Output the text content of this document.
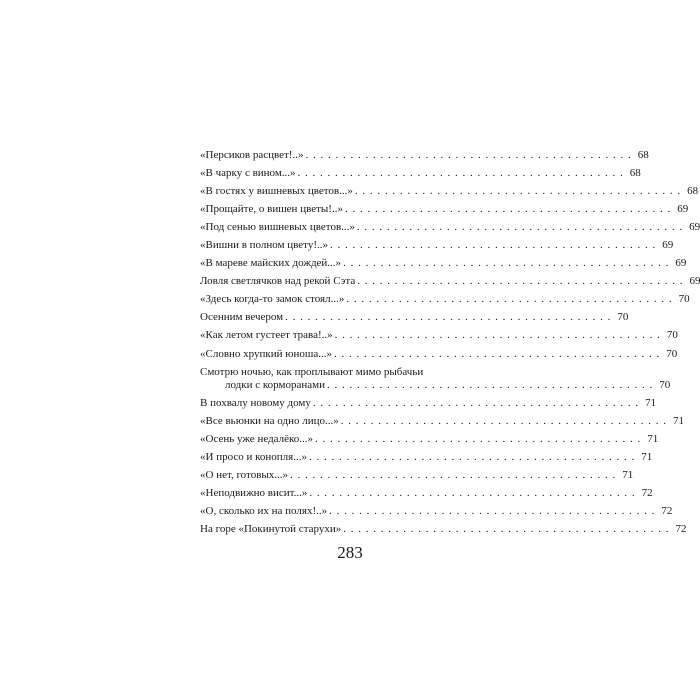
«Персиков расцвет!..» . . . . . . . . . . . . . . . . . . . . . . . . . . . . . . . . . . . . . . . . . . . . 68
«В чарку с вином...» . . . . . . . . . . . . . . . . . . . . . . . . . . . . . . . . . . . . . . . . . . . . 68
«В гостях у вишневых цветов...» . . . . . . . . . . . . . . . . . . . . . . . . . . . . . . . . . . . . . . . . . . . . 68
«Прощайте, о вишен цветы!..» . . . . . . . . . . . . . . . . . . . . . . . . . . . . . . . . . . . . . . . . . . . . 69
«Под сенью вишневых цветов...» . . . . . . . . . . . . . . . . . . . . . . . . . . . . . . . . . . . . . . . . . . . . 69
«Вишни в полном цвету!..» . . . . . . . . . . . . . . . . . . . . . . . . . . . . . . . . . . . . . . . . . . . . 69
«В мареве майских дождей...» . . . . . . . . . . . . . . . . . . . . . . . . . . . . . . . . . . . . . . . . . . . . 69
Ловля светлячков над рекой Сэта . . . . . . . . . . . . . . . . . . . . . . . . . . . . . . . . . . . . . . . . . . . . 69
«Здесь когда-то замок стоял...» . . . . . . . . . . . . . . . . . . . . . . . . . . . . . . . . . . . . . . . . . . . . 70
Осенним вечером . . . . . . . . . . . . . . . . . . . . . . . . . . . . . . . . . . . . . . . . . . . . 70
«Как летом густеет трава!..» . . . . . . . . . . . . . . . . . . . . . . . . . . . . . . . . . . . . . . . . . . . . 70
«Словно хрупкий юноша...» . . . . . . . . . . . . . . . . . . . . . . . . . . . . . . . . . . . . . . . . . . . . 70
Смотрю ночью, как проплывают мимо рыбачьи
лодки с корморанами . . . . . . . . . . . . . . . . . . . . . . . . . . . . . . . . . . . . . . . . . . . . 70
В похвалу новому дому . . . . . . . . . . . . . . . . . . . . . . . . . . . . . . . . . . . . . . . . . . . . 71
«Все вьюнки на одно лицо...» . . . . . . . . . . . . . . . . . . . . . . . . . . . . . . . . . . . . . . . . . . . . 71
«Осень уже недалёко...» . . . . . . . . . . . . . . . . . . . . . . . . . . . . . . . . . . . . . . . . . . . . 71
«И просо и конопля...» . . . . . . . . . . . . . . . . . . . . . . . . . . . . . . . . . . . . . . . . . . . . 71
«О нет, готовых...» . . . . . . . . . . . . . . . . . . . . . . . . . . . . . . . . . . . . . . . . . . . . 71
«Неподвижно висит...» . . . . . . . . . . . . . . . . . . . . . . . . . . . . . . . . . . . . . . . . . . . . 72
«О, сколько их на полях!..» . . . . . . . . . . . . . . . . . . . . . . . . . . . . . . . . . . . . . . . . . . . . 72
На горе «Покинутой старухи» . . . . . . . . . . . . . . . . . . . . . . . . . . . . . . . . . . . . . . . . . . . . 72
283
